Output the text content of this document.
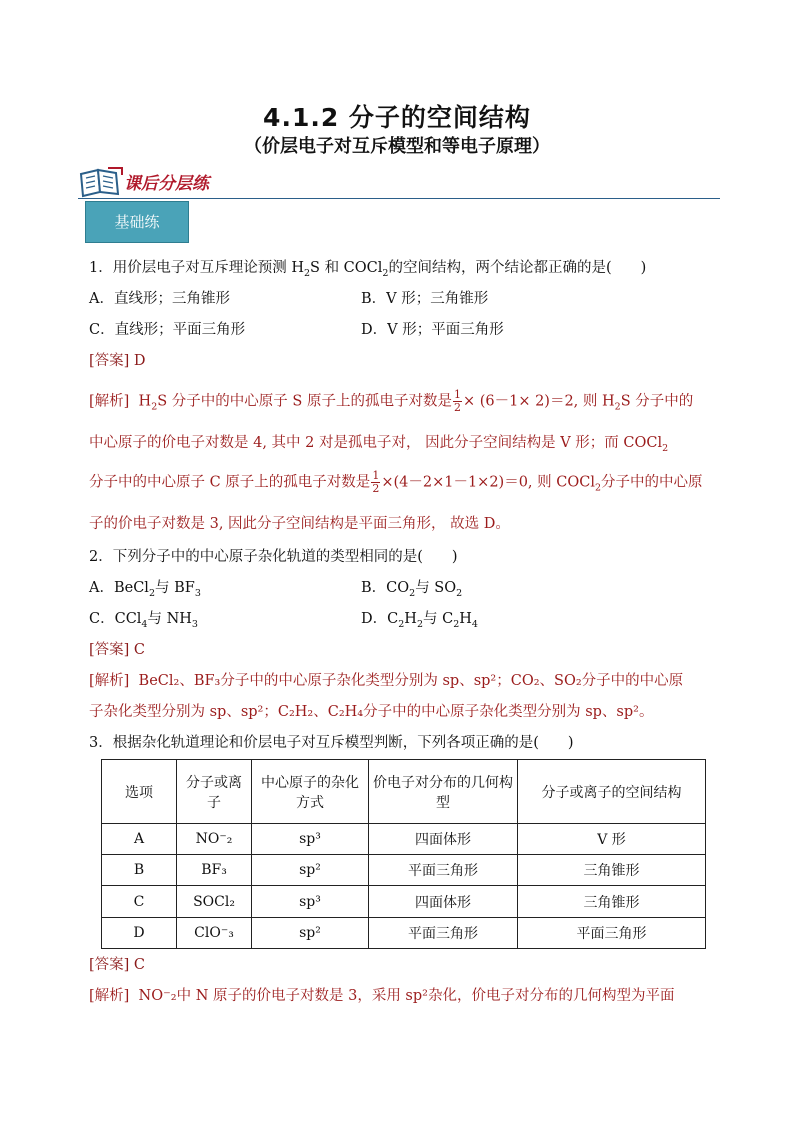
4.1.2 分子的空间结构
（价层电子对互斥模型和等电子原理）
课后分层练
基础练
1．用价层电子对互斥理论预测 $H_2S$ 和 COCl$_2$的空间结构，两个结论都正确的是(　　)
A．直线形；三角锥形	B．V 形；三角锥形
C．直线形；平面三角形	D．V 形；平面三角形
[答案] D
[解析] $H_2S$ 分子中的中心原子 S 原子上的孤电子对数是 $\frac{1}{2} \times (6-1\times 2)=2$, 则 $H_2S$ 分子中的
中心原子的价电子对数是 4, 其中 2 对是孤电子对， 因此分子空间结构是 V 形；而 COCl$_2$
分子中的中心原子 C 原子上的孤电子对数是 $\frac{1}{2} \times(4-2\times 1-1\times 2)=0$, 则 COCl$_2$分子中的中心原
子的价电子对数是 3, 因此分子空间结构是平面三角形， 故选 D。
2．下列分子中的中心原子杂化轨道的类型相同的是(　　)
A．BeCl$_2$与 $BF_3$	B．$CO_2$与 $SO_2$
C．CCl$_4$与 $NH_3$	D．$C_2H_2$与 $C_2H_4$
[答案] C
[解析] BeCl₂、BF₃分子中的中心原子杂化类型分别为 sp、sp²；CO₂、SO₂分子中的中心原
子杂化类型分别为 sp、sp²；C₂H₂、C₂H₄分子中的中心原子杂化类型分别为 sp、sp²。
3．根据杂化轨道理论和价层电子对互斥模型判断，下列各项正确的是(　　)
选项	分子或离子	中心原子的杂化方式	价电子对分布的几何构型	分子或离子的空间结构
A	NO⁻₂	sp³	四面体形	V 形
B	BF₃	sp²	平面三角形	三角锥形
C	SOCl₂	sp³	四面体形	三角锥形
D	ClO⁻₃	sp²	平面三角形	平面三角形
[答案] C
[解析] NO⁻₂中 N 原子的价电子对数是 3，采用 sp²杂化，价电子对分布的几何构型为平面
